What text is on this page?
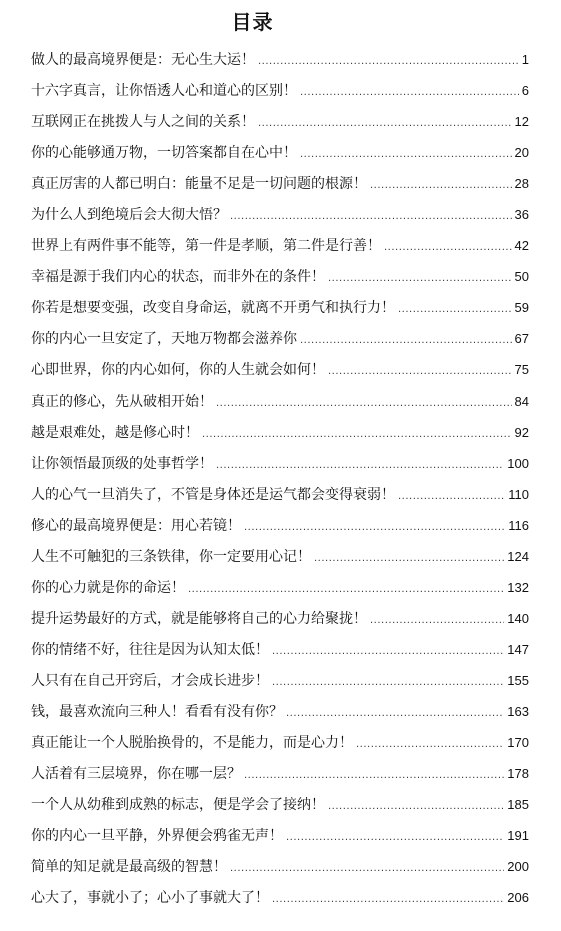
目录
做人的最高境界便是：无心生大运！ .....	1
十六字真言，让你悟透人心和道心的区别！ .....	6
互联网正在挑拨人与人之间的关系！ .....	12
你的心能够通万物，一切答案都自在心中！ .....	20
真正厉害的人都已明白：能量不足是一切问题的根源！ .....	28
为什么人到绝境后会大彻大悟？ .....	36
世界上有两件事不能等，第一件是孝顺，第二件是行善！ .....	42
幸福是源于我们内心的状态，而非外在的条件！ .....	50
你若是想要变强，改变自身命运，就离不开勇气和执行力！ .....	59
你的内心一旦安定了，天地万物都会滋养你 .....	67
心即世界，你的内心如何，你的人生就会如何！ .....	75
真正的修心，先从破相开始！ .....	84
越是艰难处，越是修心时！ .....	92
让你领悟最顶级的处事哲学！ .....	100
人的心气一旦消失了，不管是身体还是运气都会变得衰弱！ .....	110
修心的最高境界便是：用心若镜！ .....	116
人生不可触犯的三条铁律，你一定要用心记！ .....	124
你的心力就是你的命运！ .....	132
提升运势最好的方式，就是能够将自己的心力给聚拢！ .....	140
你的情绪不好，往往是因为认知太低！ .....	147
人只有在自己开窍后，才会成长进步！ .....	155
钱，最喜欢流向三种人！看看有没有你？ .....	163
真正能让一个人脱胎换骨的，不是能力，而是心力！ .....	170
人活着有三层境界，你在哪一层？ .....	178
一个人从幼稚到成熟的标志，便是学会了接纳！ .....	185
你的内心一旦平静，外界便会鸦雀无声！ .....	191
简单的知足就是最高级的智慧！ .....	200
心大了，事就小了；心小了事就大了！ .....	206
